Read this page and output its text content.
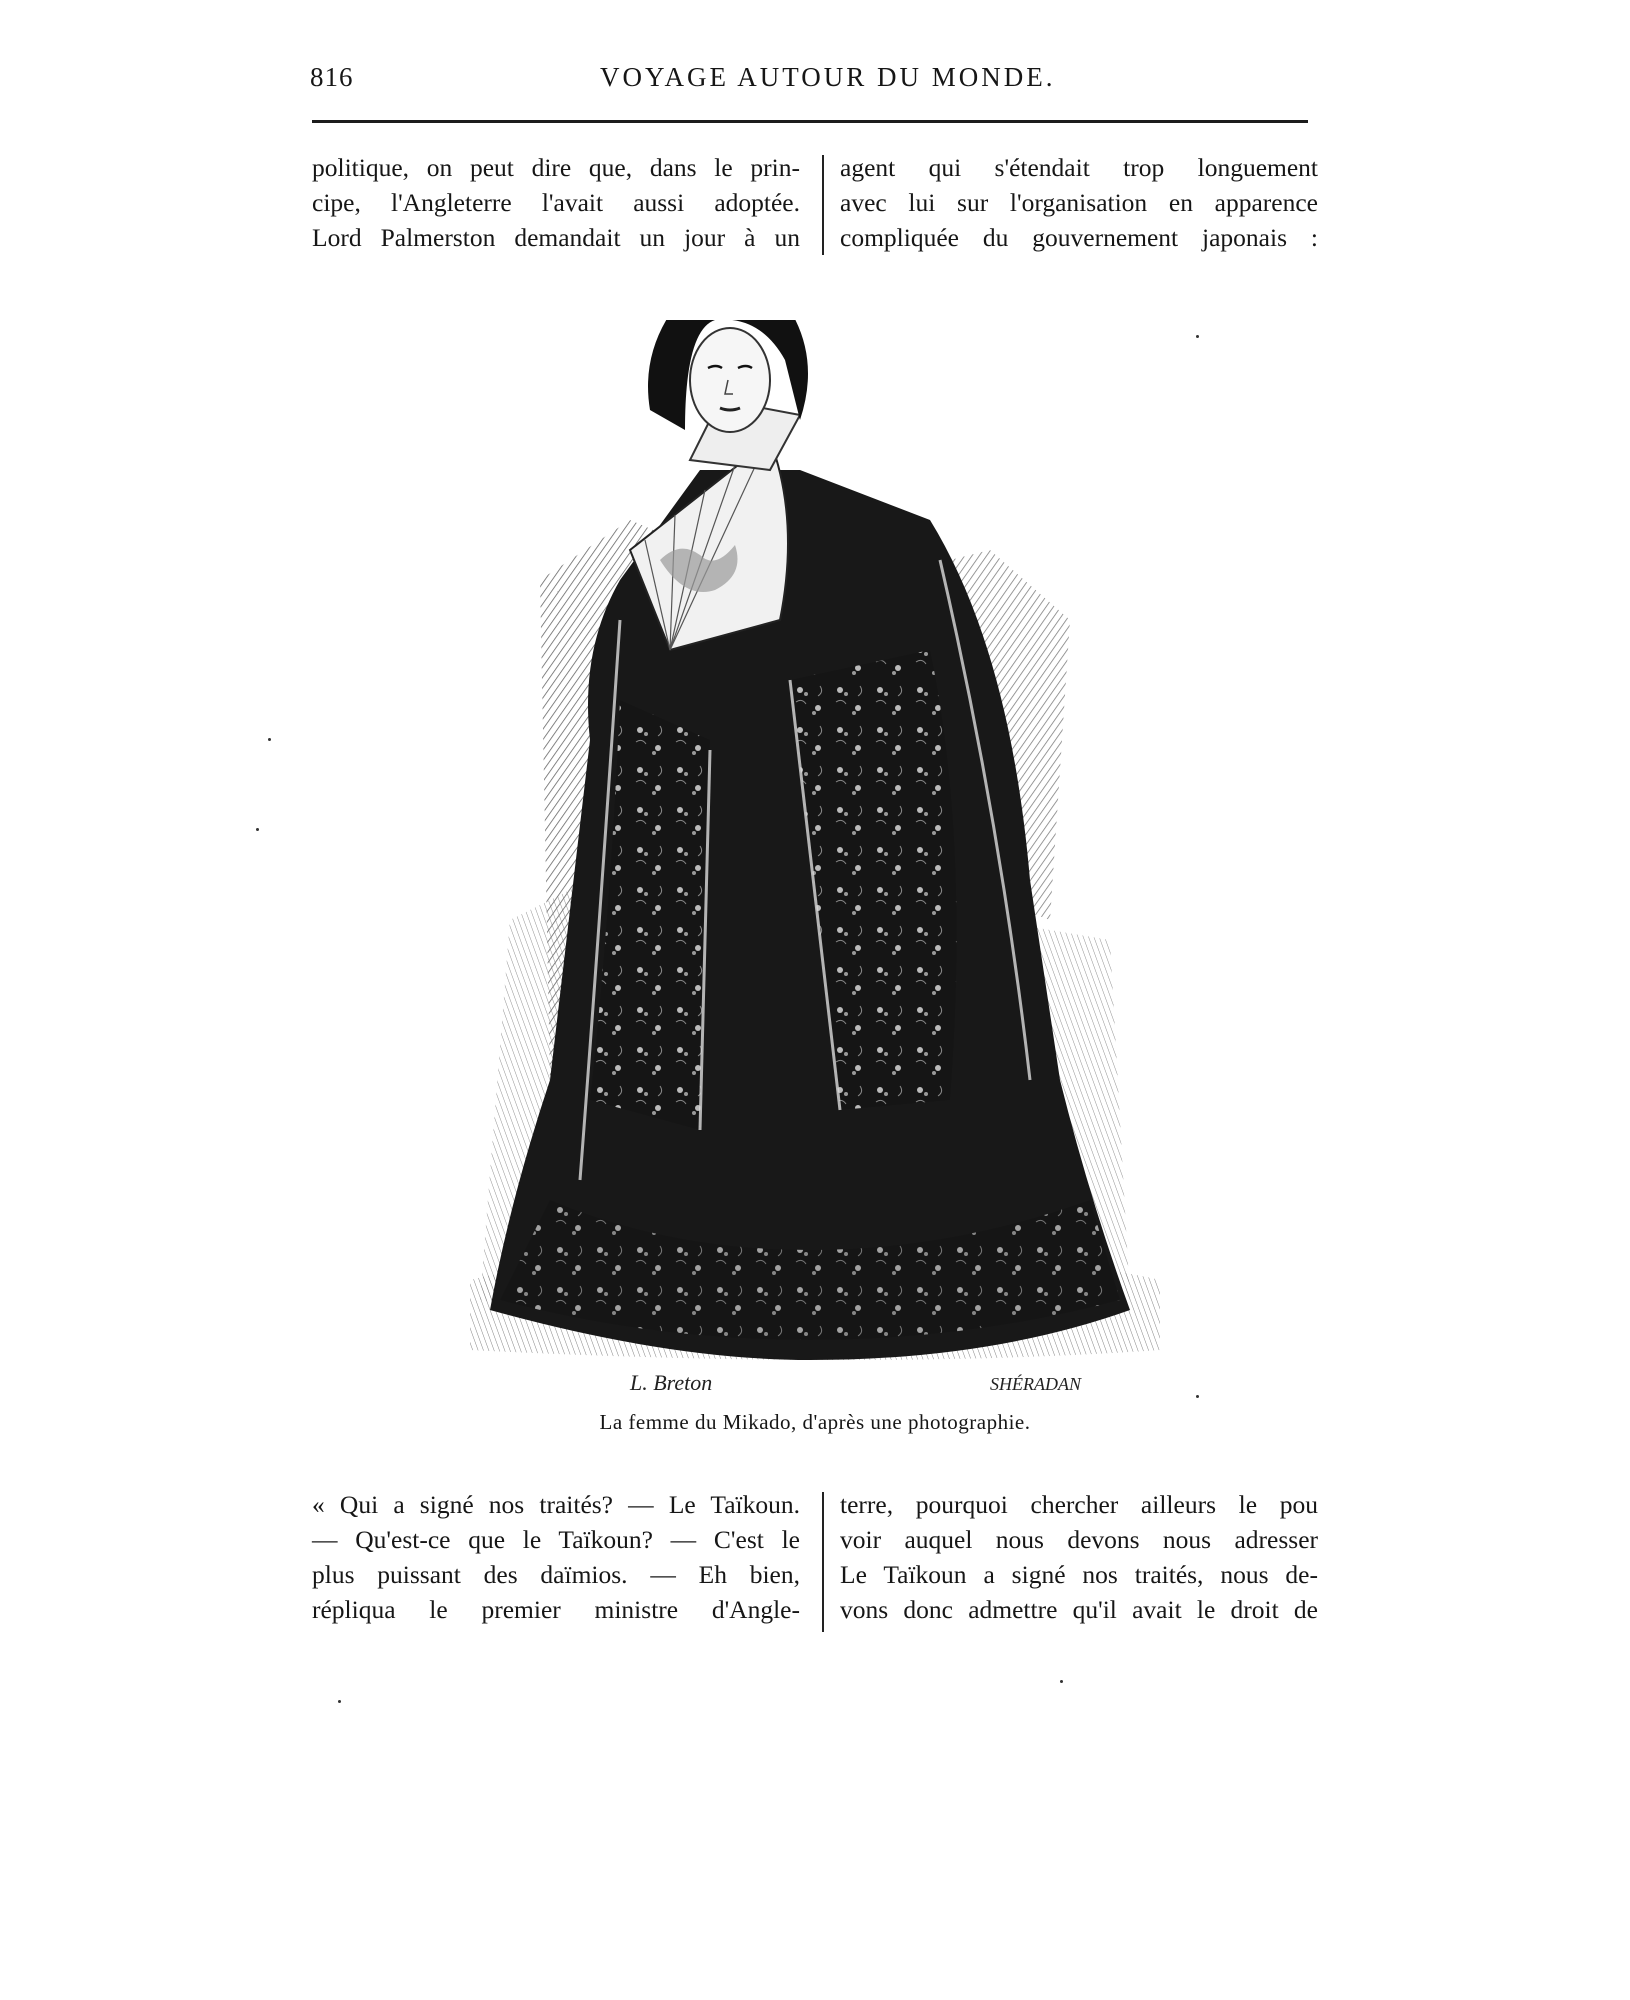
816	VOYAGE AUTOUR DU MONDE.
politique, on peut dire que, dans le prin-
cipe, l'Angleterre l'avait aussi adoptée.
Lord Palmerston demandait un jour à un
agent qui s'étendait trop longuement
avec lui sur l'organisation en apparence
compliquée du gouvernement japonais :
L. Breton	SHÉRADAN
La femme du Mikado, d'après une photographie.
« Qui a signé nos traités? — Le Taïkoun.
— Qu'est-ce que le Taïkoun? — C'est le
plus puissant des daïmios. — Eh bien,
répliqua le premier ministre d'Angle-
terre, pourquoi chercher ailleurs le pou
voir auquel nous devons nous adresser
Le Taïkoun a signé nos traités, nous de-
vons donc admettre qu'il avait le droit de
